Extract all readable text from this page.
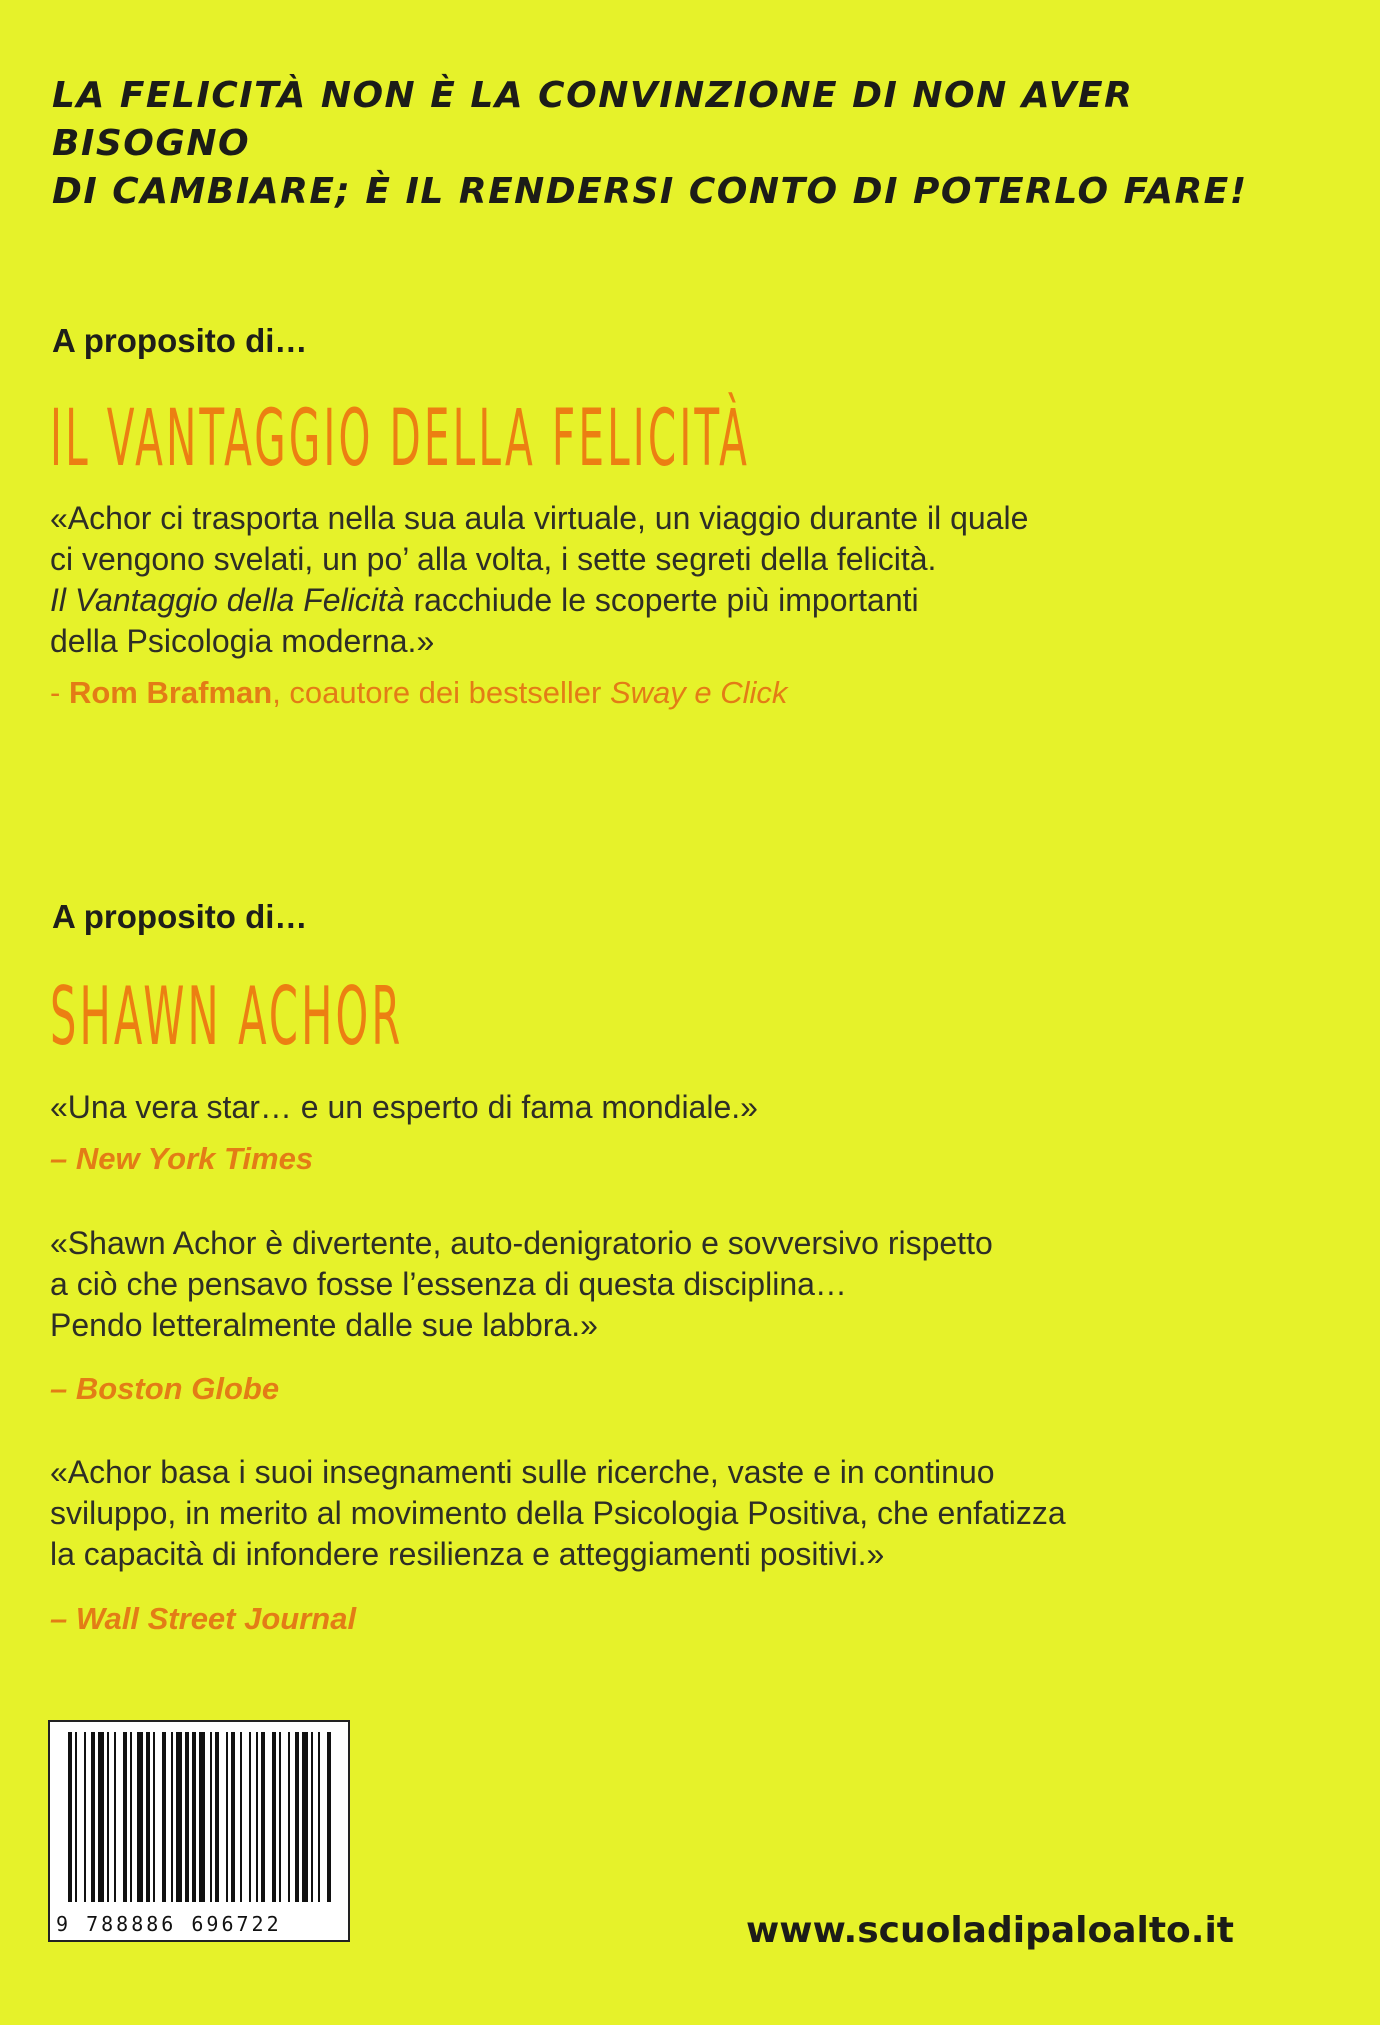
LA FELICITÀ NON È LA CONVINZIONE DI NON AVER BISOGNO
DI CAMBIARE; È IL RENDERSI CONTO DI POTERLO FARE!
A proposito di…
IL VANTAGGIO DELLA FELICITÀ
«Achor ci trasporta nella sua aula virtuale, un viaggio durante il quale
ci vengono svelati, un po’ alla volta, i sette segreti della felicità.
Il Vantaggio della Felicità racchiude le scoperte più importanti
della Psicologia moderna.»
- Rom Brafman, coautore dei bestseller Sway e Click
A proposito di…
SHAWN ACHOR
«Una vera star… e un esperto di fama mondiale.»
– New York Times
«Shawn Achor è divertente, auto-denigratorio e sovversivo rispetto
a ciò che pensavo fosse l’essenza di questa disciplina…
Pendo letteralmente dalle sue labbra.»
– Boston Globe
«Achor basa i suoi insegnamenti sulle ricerche, vaste e in continuo
sviluppo, in merito al movimento della Psicologia Positiva, che enfatizza
la capacità di infondere resilienza e atteggiamenti positivi.»
– Wall Street Journal
9 788886 696722	www.scuoladipaloalto.it
